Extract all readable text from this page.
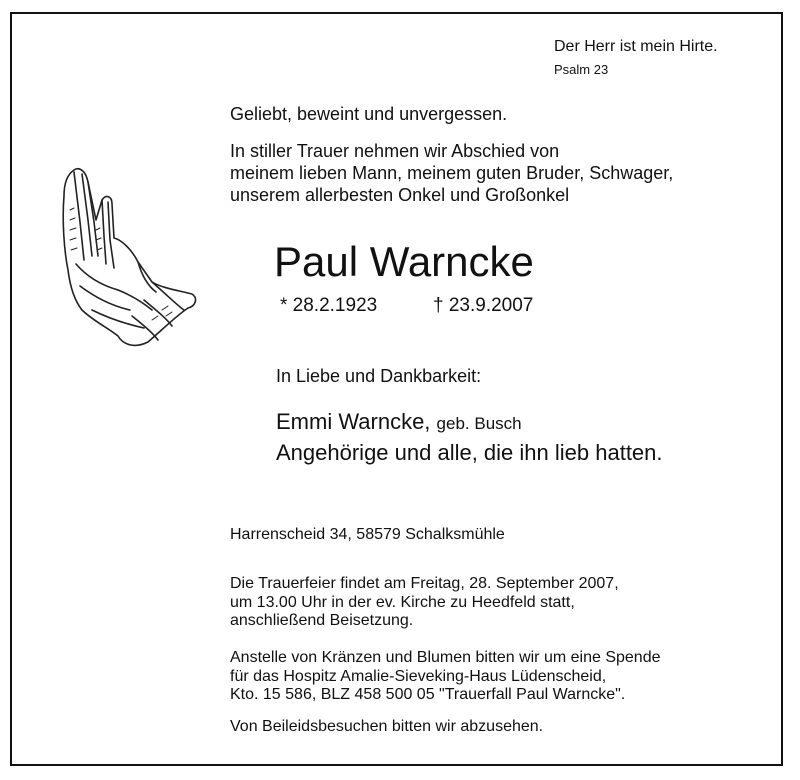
Der Herr ist mein Hirte.
Psalm 23
Geliebt, beweint und unvergessen.
In stiller Trauer nehmen wir Abschied von
meinem lieben Mann, meinem guten Bruder, Schwager,
unserem allerbesten Onkel und Großonkel
Paul Warncke
* 28.2.1923	† 23.9.2007
In Liebe und Dankbarkeit:
Emmi Warncke, geb. Busch
Angehörige und alle, die ihn lieb hatten.
Harrenscheid 34, 58579 Schalksmühle
Die Trauerfeier findet am Freitag, 28. September 2007,
um 13.00 Uhr in der ev. Kirche zu Heedfeld statt,
anschließend Beisetzung.
Anstelle von Kränzen und Blumen bitten wir um eine Spende
für das Hospitz Amalie-Sieveking-Haus Lüdenscheid,
Kto. 15 586, BLZ 458 500 05 "Trauerfall Paul Warncke".
Von Beileidsbesuchen bitten wir abzusehen.
